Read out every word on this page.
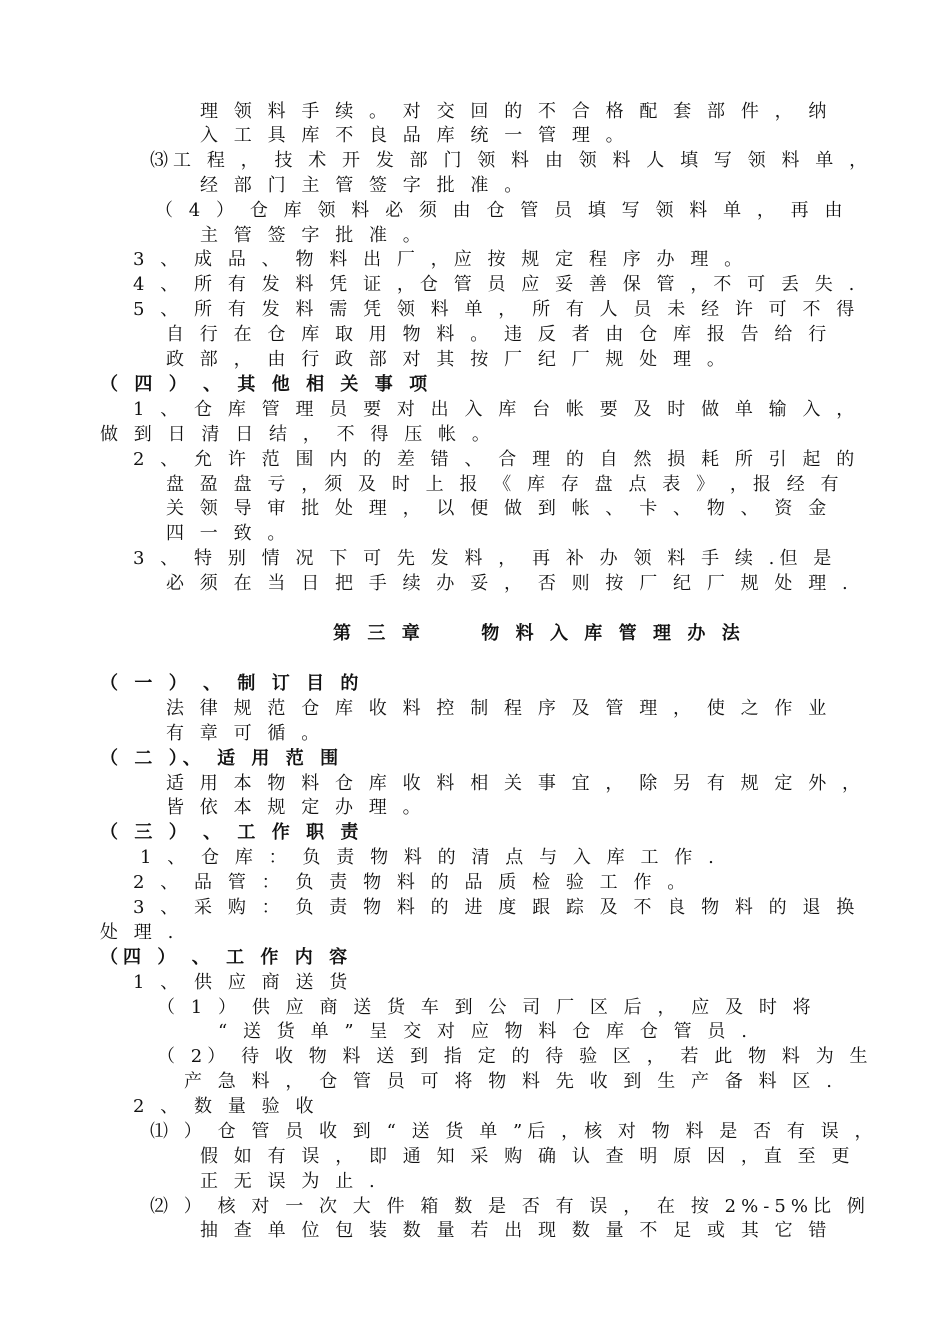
理 领 料 手 续 。 对 交 回 的 不 合 格 配 套 部 件 ， 纳
入 工 具 库 不 良 品 库 统 一 管 理 。
⑶工 程 ， 技 术 开 发 部 门 领 料 由 领 料 人 填 写 领 料 单 ，
经 部 门 主 管 签 字 批 准 。
（ 4 ） 仓 库 领 料 必 须 由 仓 管 员 填 写 领 料 单 ， 再 由
主 管 签 字 批 准 。
3 、 成 品 、 物 料 出 厂 ，应 按 规 定 程 序 办 理 。
4 、 所 有 发 料 凭 证 ，仓 管 员 应 妥 善 保 管 ，不 可 丢 失 .
5 、 所 有 发 料 需 凭 领 料 单 ， 所 有 人 员 未 经 许 可 不 得
自 行 在 仓 库 取 用 物 料 。 违 反 者 由 仓 库 报 告 给 行
政 部 ， 由 行 政 部 对 其 按 厂 纪 厂 规 处 理 。
（ 四 ） 、 其 他 相 关 事 项
1 、 仓 库 管 理 员 要 对 出 入 库 台 帐 要 及 时 做 单 输 入 ，
做 到 日 清 日 结 ， 不 得 压 帐 。
2 、 允 许 范 围 内 的 差 错 、 合 理 的 自 然 损 耗 所 引 起 的
盘 盈 盘 亏 ，须 及 时 上 报 《 库 存 盘 点 表 》 ，报 经 有
关 领 导 审 批 处 理 ， 以 便 做 到 帐 、 卡 、 物 、 资 金
四 一 致 。
3 、 特 别 情 况 下 可 先 发 料 ， 再 补 办 领 料 手 续 .但 是
必 须 在 当 日 把 手 续 办 妥 ， 否 则 按 厂 纪 厂 规 处 理 .
第 三 章     物 料 入 库 管 理 办 法
（ 一 ） 、 制 订 目 的
法 律 规 范 仓 库 收 料 控 制 程 序 及 管 理 ， 使 之 作 业
有 章 可 循 。
（ 二 ）、 适 用 范 围
适 用 本 物 料 仓 库 收 料 相 关 事 宜 ， 除 另 有 规 定 外 ，
皆 依 本 规 定 办 理 。
（ 三 ） 、 工 作 职 责
1 、 仓 库 ： 负 责 物 料 的 清 点 与 入 库 工 作 .
2 、 品 管 ： 负 责 物 料 的 品 质 检 验 工 作 。
3 、 采 购 ： 负 责 物 料 的 进 度 跟 踪 及 不 良 物 料 的 退 换
处 理 .
（四 ） 、 工 作 内 容
1 、 供 应 商 送 货
（ 1 ） 供 应 商 送 货 车 到 公 司 厂 区 后 ， 应 及 时 将
“ 送 货 单 ” 呈 交 对 应 物 料 仓 库 仓 管 员 .
（ 2） 待 收 物 料 送 到 指 定 的 待 验 区 ， 若 此 物 料 为 生
产 急 料 ， 仓 管 员 可 将 物 料 先 收 到 生 产 备 料 区 .
2 、 数 量 验 收
⑴ ） 仓 管 员 收 到 “ 送 货 单 ”后 ，核 对 物 料 是 否 有 误 ，
假 如 有 误 ， 即 通 知 采 购 确 认 查 明 原 因 ，直 至 更
正 无 误 为 止 .
⑵ ） 核 对 一 次 大 件 箱 数 是 否 有 误 ， 在 按 2%-5%比 例
抽 查 单 位 包 装 数 量 若 出 现 数 量 不 足 或 其 它 错
